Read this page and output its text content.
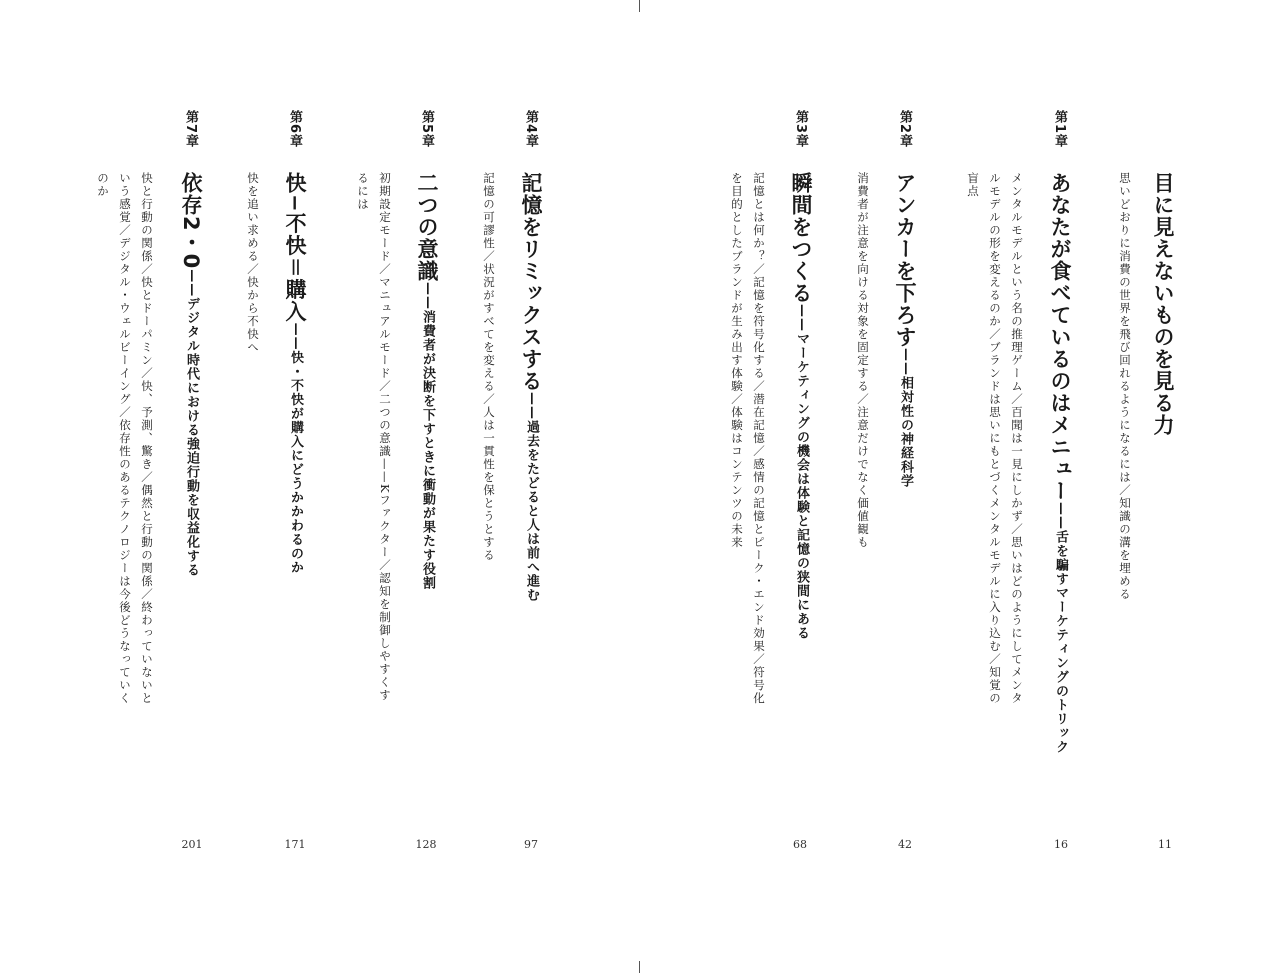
目に見えないものを見る力
思いどおりに消費の世界を飛び回れるようになるには／知識の溝を埋める
11
第1章
あなたが食べているのはメニュー——舌を騙すマーケティングのトリック
メンタルモデルという名の推理ゲーム／百聞は一見にしかず／思いはどのようにしてメンタルモデルの形を変えるのか／ブランドは思いにもとづくメンタルモデルに入り込む／知覚の盲点
16
第2章
アンカーを下ろす——相対性の神経科学
消費者が注意を向ける対象を固定する／注意だけでなく価値観も
42
第3章
瞬間をつくる——マーケティングの機会は体験と記憶の狭間にある
記憶とは何か？／記憶を符号化する／潜在記憶／感情の記憶とピーク・エンド効果／符号化を目的としたブランドが生み出す体験／体験はコンテンツの未来
68
第4章
記憶をリミックスする——過去をたどると人は前へ進む
記憶の可謬性／状況がすべてを変える／人は一貫性を保とうとする
97
第5章
二つの意識——消費者が決断を下すときに衝動が果たす役割
初期設定モード／マニュアルモード／二つの意識——Kファクター／認知を制御しやすくするには
128
第6章
快−不快＝購入——快・不快が購入にどうかかわるのか
快を追い求める／快から不快へ
171
第7章
依存2・0——デジタル時代における強迫行動を収益化する
快と行動の関係／快とドーパミン／快、予測、驚き／偶然と行動の関係／終わっていないという感覚／デジタル・ウェルビーイング／依存性のあるテクノロジーは今後どうなっていくのか
201
